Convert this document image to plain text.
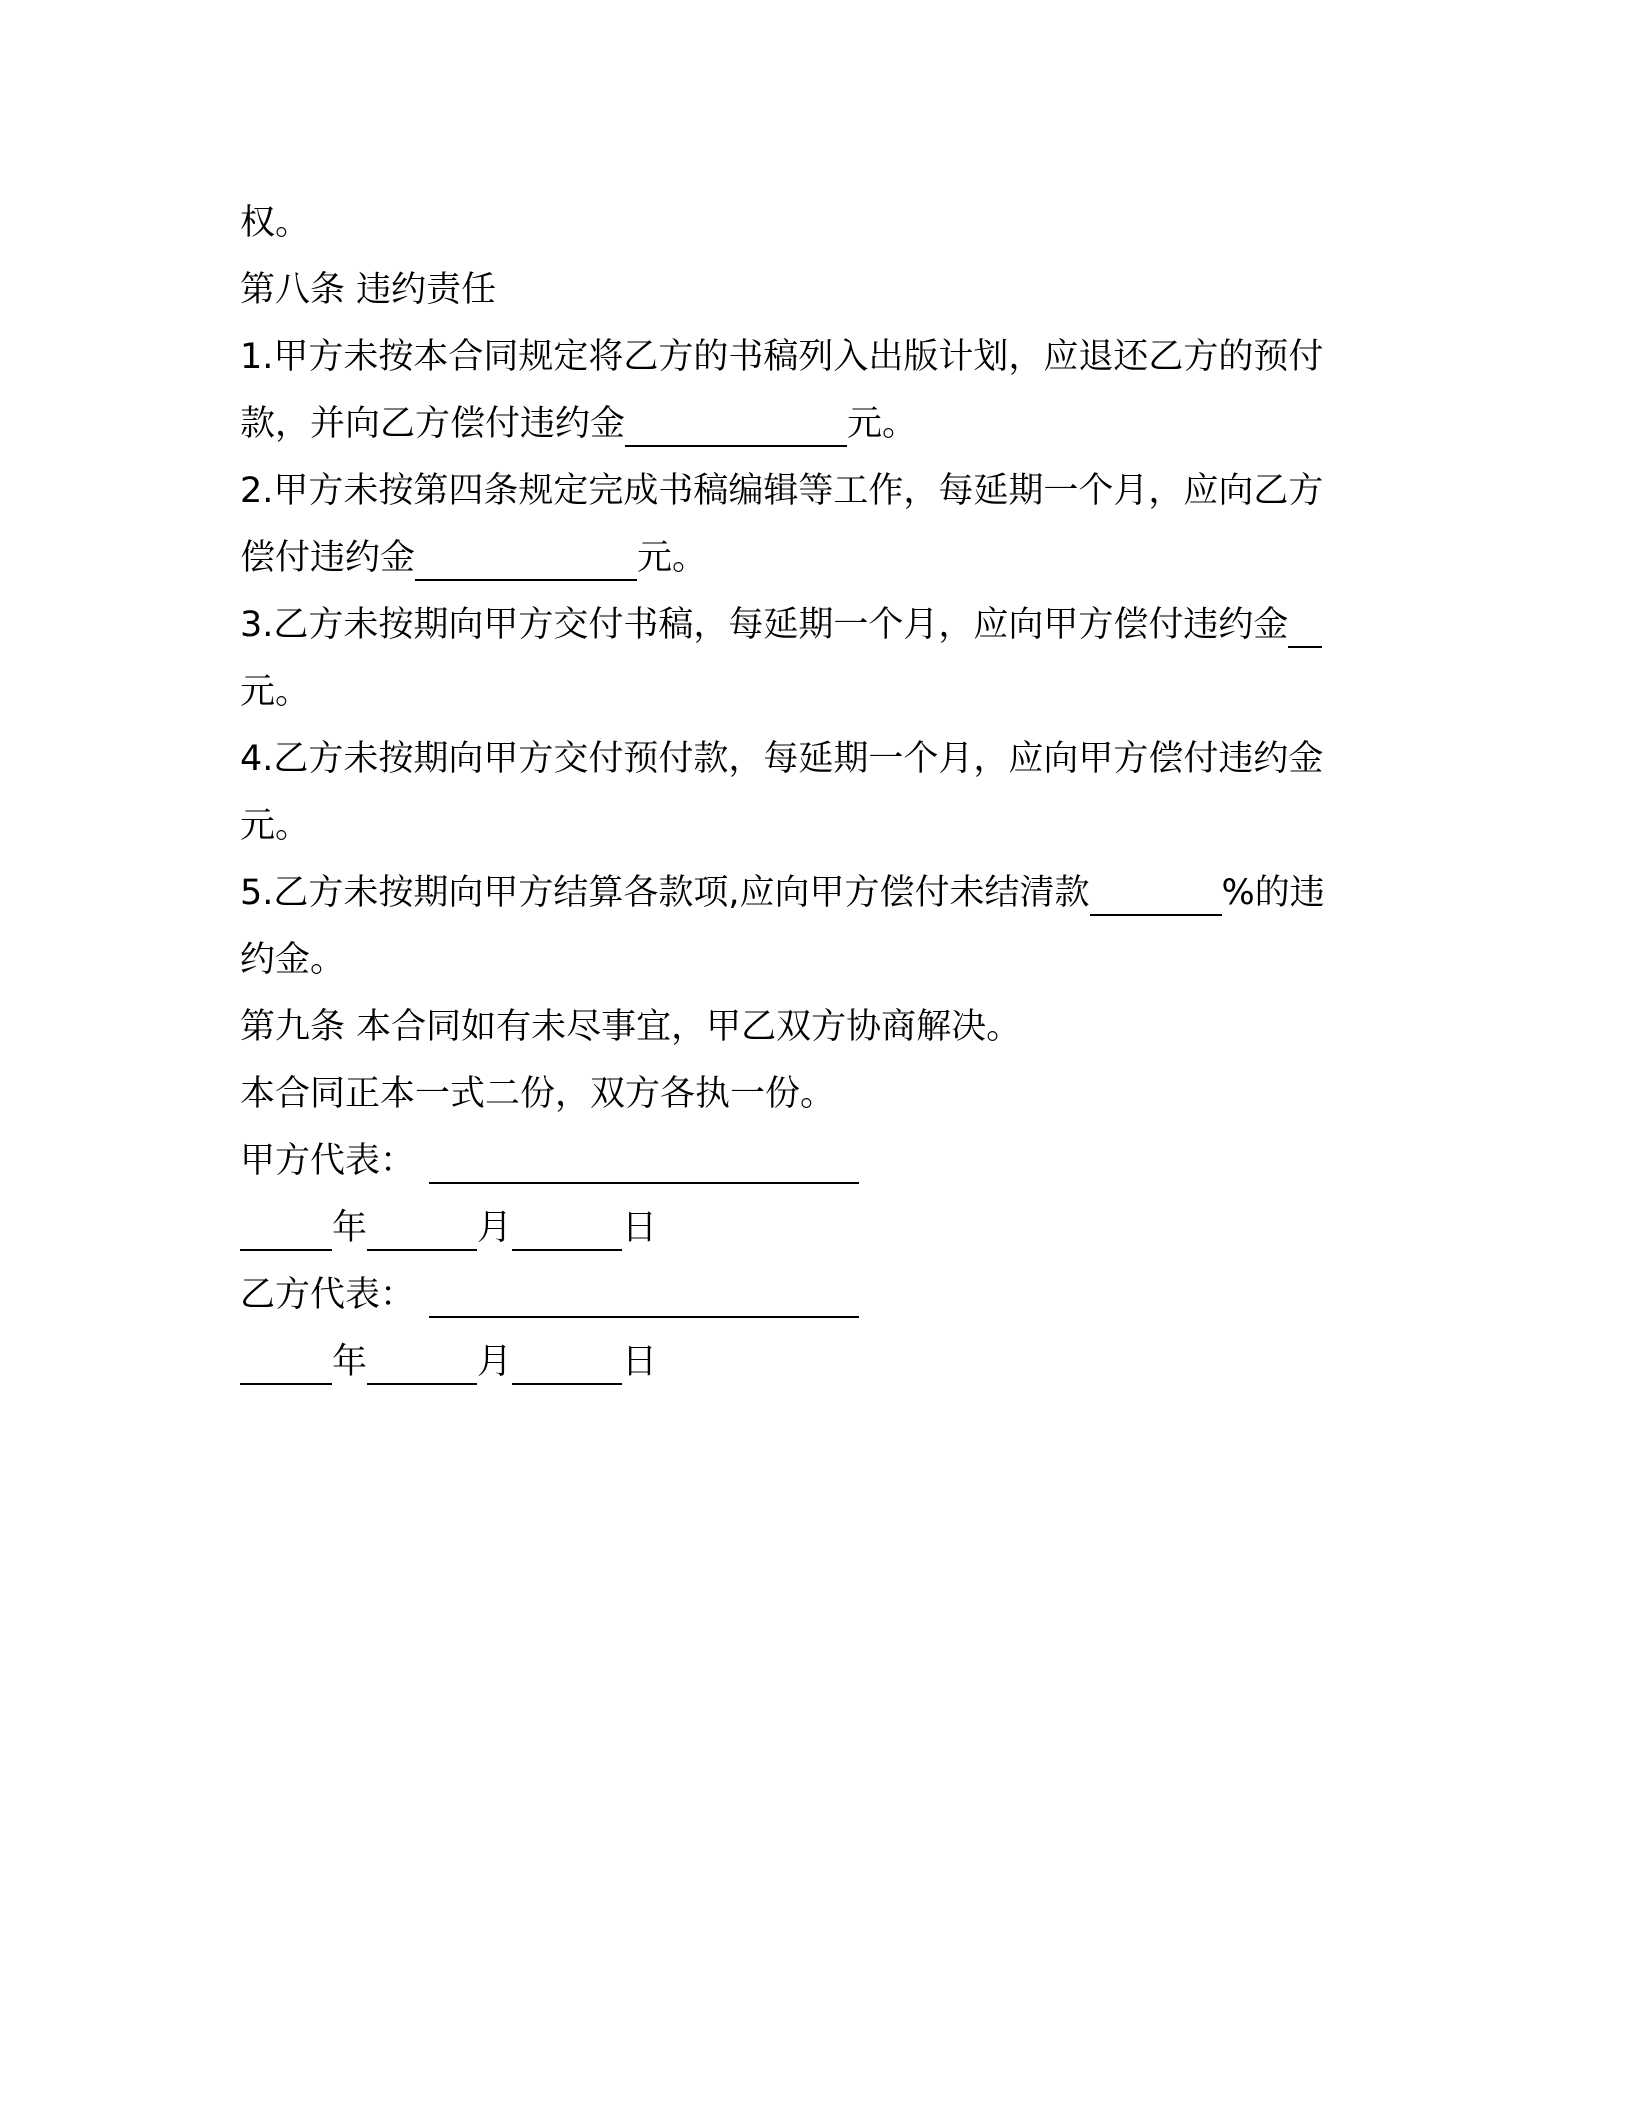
权。
第八条 违约责任
1.甲方未按本合同规定将乙方的书稿列入出版计划，应退还乙方的预付
款，并向乙方偿付违约金	元。
2.甲方未按第四条规定完成书稿编辑等工作，每延期一个月，应向乙方
偿付违约金	元。
3.乙方未按期向甲方交付书稿，每延期一个月，应向甲方偿付违约金
元。
4.乙方未按期向甲方交付预付款，每延期一个月，应向甲方偿付违约金
元。
5.乙方未按期向甲方结算各款项,应向甲方偿付未结清款	%的违
约金。
第九条 本合同如有未尽事宜，甲乙双方协商解决。
本合同正本一式二份，双方各执一份。
甲方代表：
年	月	日
乙方代表：
年	月	日
